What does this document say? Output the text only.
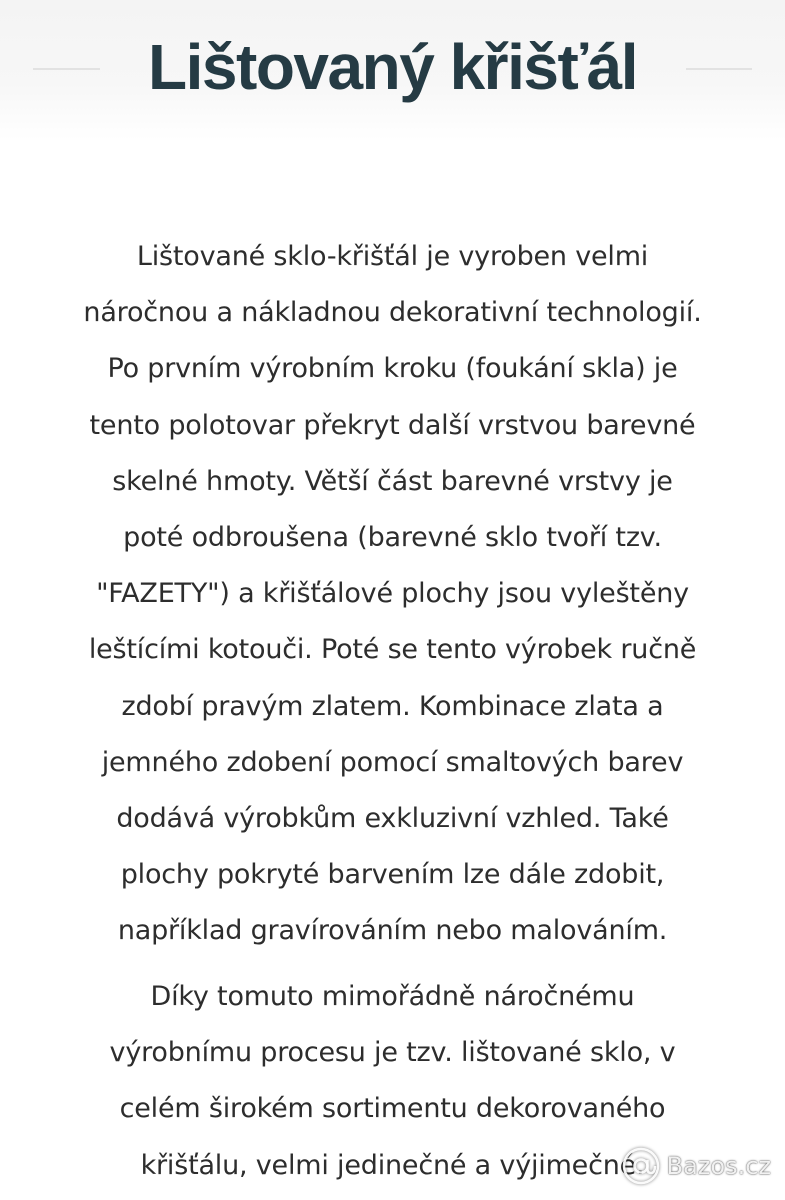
Lištovaný křišťál

Lištované sklo-křišťál je vyroben velmi
náročnou a nákladnou dekorativní technologií.
Po prvním výrobním kroku (foukání skla) je
tento polotovar překryt další vrstvou barevné
skelné hmoty. Větší část barevné vrstvy je
poté odbroušena (barevné sklo tvoří tzv.
"FAZETY") a křišťálové plochy jsou vyleštěny
leštícími kotouči. Poté se tento výrobek ručně
zdobí pravým zlatem. Kombinace zlata a
jemného zdobení pomocí smaltových barev
dodává výrobkům exkluzivní vzhled. Také
plochy pokryté barvením lze dále zdobit,
například gravírováním nebo malováním.

Díky tomuto mimořádně náročnému
výrobnímu procesu je tzv. lištované sklo, v
celém širokém sortimentu dekorovaného
křišťálu, velmi jedinečné a výjimečné. Bazos.cz
